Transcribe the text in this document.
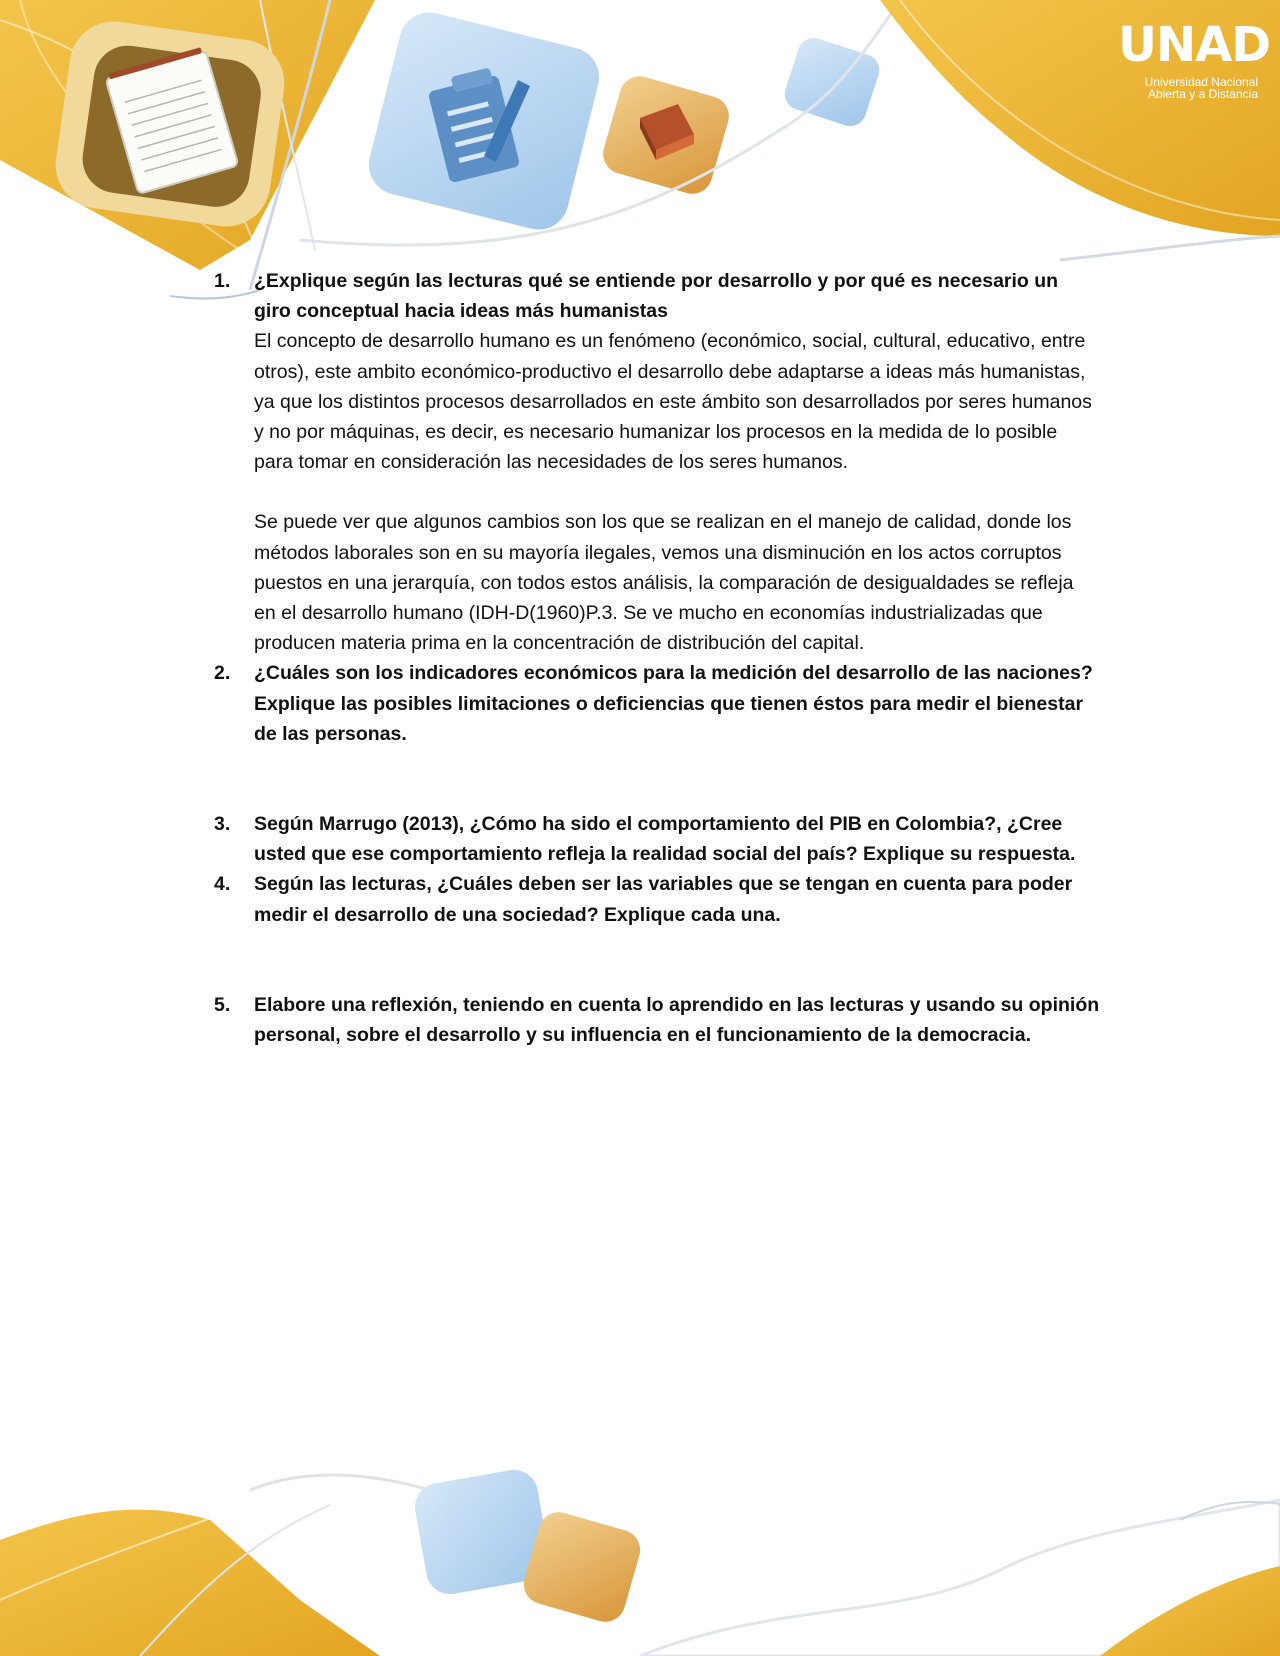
UNAD
Universidad Nacional
Abierta y a Distancia
1. ¿Explique según las lecturas qué se entiende por desarrollo y por qué es necesario un giro conceptual hacia ideas más humanistas

El concepto de desarrollo humano es un fenómeno (económico, social, cultural, educativo, entre otros), este ambito económico-productivo el desarrollo debe adaptarse a ideas más humanistas, ya que los distintos procesos desarrollados en este ámbito son desarrollados por seres humanos y no por máquinas, es decir, es necesario humanizar los procesos en la medida de lo posible para tomar en consideración las necesidades de los seres humanos.

Se puede ver que algunos cambios son los que se realizan en el manejo de calidad, donde los métodos laborales son en su mayoría ilegales, vemos una disminución en los actos corruptos puestos en una jerarquía, con todos estos análisis, la comparación de desigualdades se refleja en el desarrollo humano (IDH-D(1960)P.3. Se ve mucho en economías industrializadas que producen materia prima en la concentración de distribución del capital.

2. ¿Cuáles son los indicadores económicos para la medición del desarrollo de las naciones? Explique las posibles limitaciones o deficiencias que tienen éstos para medir el bienestar de las personas.
3. Según Marrugo (2013), ¿Cómo ha sido el comportamiento del PIB en Colombia?, ¿Cree usted que ese comportamiento refleja la realidad social del país? Explique su respuesta.
4. Según las lecturas, ¿Cuáles deben ser las variables que se tengan en cuenta para poder medir el desarrollo de una sociedad? Explique cada una.
5. Elabore una reflexión, teniendo en cuenta lo aprendido en las lecturas y usando su opinión personal, sobre el desarrollo y su influencia en el funcionamiento de la democracia.
